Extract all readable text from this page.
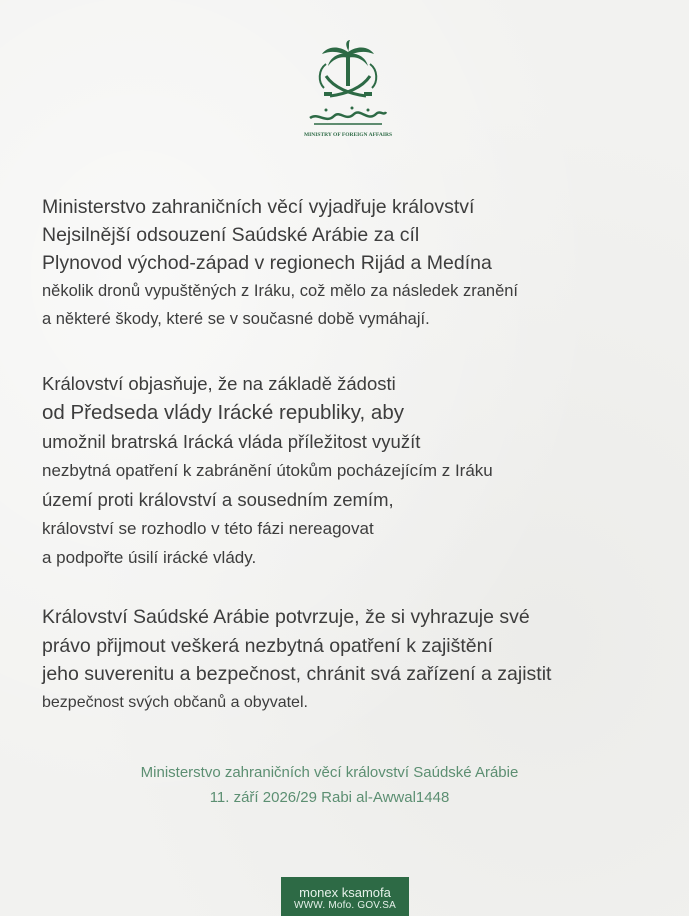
MINISTRY OF FOREIGN AFFAIRS

Ministerstvo zahraničních věcí vyjadřuje království
Nejsilnější odsouzení Saúdské Arábie za cíl
Plynovod východ-západ v regionech Rijád a Medína
několik dronů vypuštěných z Iráku, což mělo za následek zranění
a některé škody, které se v současné době vymáhají.

Království objasňuje, že na základě žádosti
od Předseda vlády Irácké republiky, aby
umožnil bratrská Irácká vláda příležitost využít
nezbytná opatření k zabránění útokům pocházejícím z Iráku
území proti království a sousedním zemím,
království se rozhodlo v této fázi nereagovat
a podpořte úsilí irácké vlády.

Království Saúdské Arábie potvrzuje, že si vyhrazuje své
právo přijmout veškerá nezbytná opatření k zajištění
jeho suverenitu a bezpečnost, chránit svá zařízení a zajistit
bezpečnost svých občanů a obyvatel.

Ministerstvo zahraničních věcí království Saúdské Arábie
11. září 2026/29 Rabi al-Awwal1448
monex ksamofa
WWW. Mofo. GOV.SA
